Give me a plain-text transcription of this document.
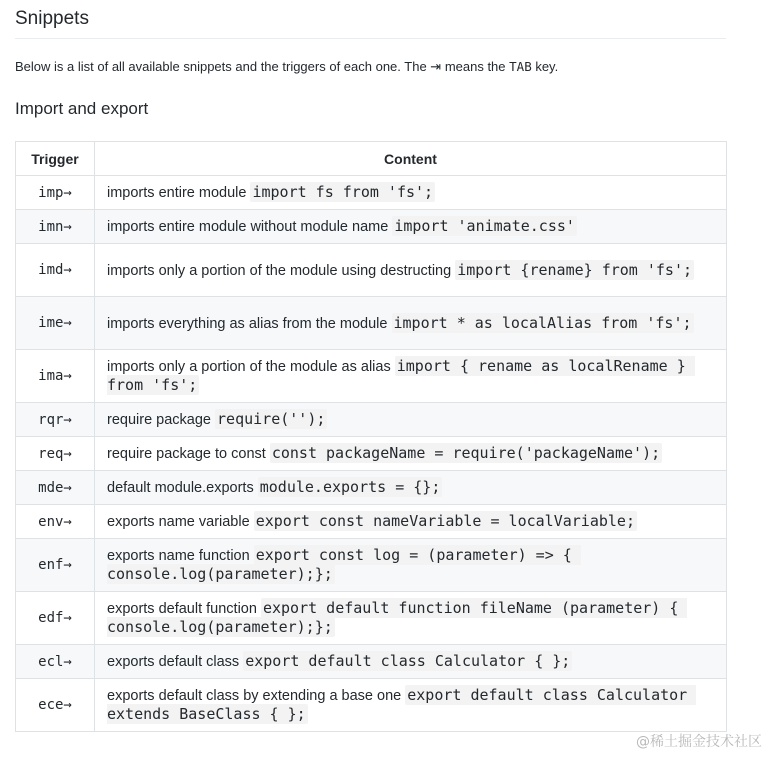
Snippets

Below is a list of all available snippets and the triggers of each one. The ⇥ means the TAB key.

Import and export
Trigger	Content
imp→	imports entire module import fs from 'fs';
imn→	imports entire module without module name import 'animate.css'
imd→	imports only a portion of the module using destructing import {rename} from 'fs';
ime→	imports everything as alias from the module import * as localAlias from 'fs';
ima→	imports only a portion of the module as alias import { rename as localRename } from 'fs';
rqr→	require package require('');
req→	require package to const const packageName = require('packageName');
mde→	default module.exports module.exports = {};
env→	exports name variable export const nameVariable = localVariable;
enf→	exports name function export const log = (parameter) => { console.log(parameter);};
edf→	exports default function export default function fileName (parameter) { console.log(parameter);};
ecl→	exports default class export default class Calculator { };
ece→	exports default class by extending a base one export default class Calculator extends BaseClass { };
@稀土掘金技术社区
